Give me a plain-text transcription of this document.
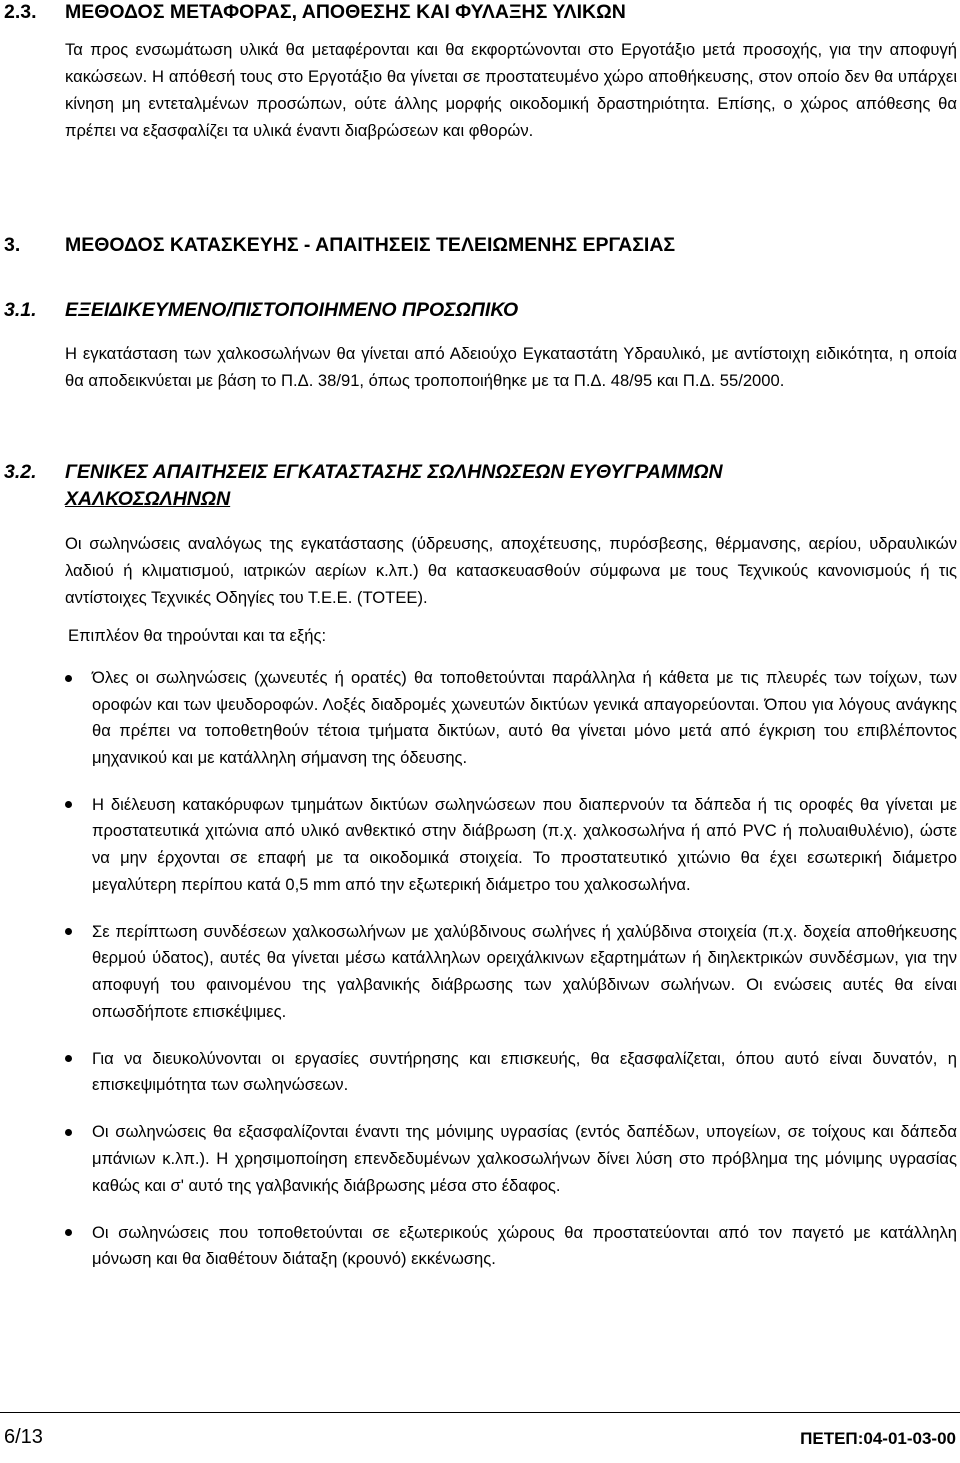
2.3. ΜΕΘΟΔΟΣ ΜΕΤΑΦΟΡΑΣ, ΑΠΟΘΕΣΗΣ ΚΑΙ ΦΥΛΑΞΗΣ ΥΛΙΚΩΝ

Τα προς ενσωμάτωση υλικά θα μεταφέρονται και θα εκφορτώνονται στο Εργοτάξιο μετά προσοχής, για την αποφυγή κακώσεων. Η απόθεσή τους στο Εργοτάξιο θα γίνεται σε προστατευμένο χώρο αποθήκευσης, στον οποίο δεν θα υπάρχει κίνηση μη εντεταλμένων προσώπων, ούτε άλλης μορφής οικοδομική δραστηριότητα. Επίσης, ο χώρος απόθεσης θα πρέπει να εξασφαλίζει τα υλικά έναντι διαβρώσεων και φθορών.

3. ΜΕΘΟΔΟΣ ΚΑΤΑΣΚΕΥΗΣ - ΑΠΑΙΤΗΣΕΙΣ ΤΕΛΕΙΩΜΕΝΗΣ ΕΡΓΑΣΙΑΣ
3.1. ΕΞΕΙΔΙΚΕΥΜΕΝΟ/ΠΙΣΤΟΠΟΙΗΜΕΝΟ ΠΡΟΣΩΠΙΚΟ

Η εγκατάσταση των χαλκοσωλήνων θα γίνεται από Αδειούχο Εγκαταστάτη Υδραυλικό, με αντίστοιχη ειδικότητα, η οποία θα αποδεικνύεται με βάση το Π.Δ. 38/91, όπως τροποποιήθηκε με τα Π.Δ. 48/95 και Π.Δ. 55/2000.

3.2. ΓΕΝΙΚΕΣ ΑΠΑΙΤΗΣΕΙΣ ΕΓΚΑΤΑΣΤΑΣΗΣ ΣΩΛΗΝΩΣΕΩΝ ΕΥΘΥΓΡΑΜΜΩΝ
ΧΑΛΚΟΣΩΛΗΝΩΝ

Οι σωληνώσεις αναλόγως της εγκατάστασης (ύδρευσης, αποχέτευσης, πυρόσβεσης, θέρμανσης, αερίου, υδραυλικών λαδιού ή κλιματισμού, ιατρικών αερίων κ.λπ.) θα κατασκευασθούν σύμφωνα με τους Τεχνικούς κανονισμούς ή τις αντίστοιχες Τεχνικές Οδηγίες του Τ.Ε.Ε. (ΤΟΤΕΕ).

Επιπλέον θα τηρούνται και τα εξής:

Όλες οι σωληνώσεις (χωνευτές ή ορατές) θα τοποθετούνται παράλληλα ή κάθετα με τις πλευρές των τοίχων, των οροφών και των ψευδοροφών. Λοξές διαδρομές χωνευτών δικτύων γενικά απαγορεύονται. Όπου για λόγους ανάγκης θα πρέπει να τοποθετηθούν τέτοια τμήματα δικτύων, αυτό θα γίνεται μόνο μετά από έγκριση του επιβλέποντος μηχανικού και με κατάλληλη σήμανση της όδευσης.
Η διέλευση κατακόρυφων τμημάτων δικτύων σωληνώσεων που διαπερνούν τα δάπεδα ή τις οροφές θα γίνεται με προστατευτικά χιτώνια από υλικό ανθεκτικό στην διάβρωση (π.χ. χαλκοσωλήνα ή από PVC ή πολυαιθυλένιο), ώστε να μην έρχονται σε επαφή με τα οικοδομικά στοιχεία. Το προστατευτικό χιτώνιο θα έχει εσωτερική διάμετρο μεγαλύτερη περίπου κατά 0,5 mm από την εξωτερική διάμετρο του χαλκοσωλήνα.
Σε περίπτωση συνδέσεων χαλκοσωλήνων με χαλύβδινους σωλήνες ή χαλύβδινα στοιχεία (π.χ. δοχεία αποθήκευσης θερμού ύδατος), αυτές θα γίνεται μέσω κατάλληλων ορειχάλκινων εξαρτημάτων ή διηλεκτρικών συνδέσμων, για την αποφυγή του φαινομένου της γαλβανικής διάβρωσης των χαλύβδινων σωλήνων. Οι ενώσεις αυτές θα είναι οπωσδήποτε επισκέψιμες.
Για να διευκολύνονται οι εργασίες συντήρησης και επισκευής, θα εξασφαλίζεται, όπου αυτό είναι δυνατόν, η επισκεψιμότητα των σωληνώσεων.
Οι σωληνώσεις θα εξασφαλίζονται έναντι της μόνιμης υγρασίας (εντός δαπέδων, υπογείων, σε τοίχους και δάπεδα μπάνιων κ.λπ.). Η χρησιμοποίηση επενδεδυμένων χαλκοσωλήνων δίνει λύση στο πρόβλημα της μόνιμης υγρασίας καθώς και σ' αυτό της γαλβανικής διάβρωσης μέσα στο έδαφος.
Οι σωληνώσεις που τοποθετούνται σε εξωτερικούς χώρους θα προστατεύονται από τον παγετό με κατάλληλη μόνωση και θα διαθέτουν διάταξη (κρουνό) εκκένωσης.
6/13	ΠΕΤΕΠ:04-01-03-00
